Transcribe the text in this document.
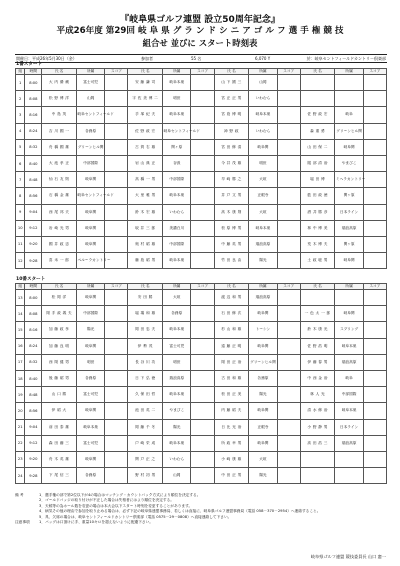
『岐阜県ゴルフ連盟 設立50周年記念』
平成26年度 第29回 岐 阜 県 グ ラ ン ド シ ニ ア ゴ ル フ 選 手 権 競 技
組合せ 並びに スタート時刻表
開催日：平成26年5月30日（金）	参加者	55 名	6,070 Y	於：岐阜セントフィールドカントリー倶楽部
1番スタート
組	時間	氏 名	所属	スコア	氏 名	所属	スコア	氏 名	所属	スコア	氏 名	所属	スコア
1	8:00	大 内 優 蔵	富士可児		安 藤 謙 司	岐阜本巣		山 下 國 三	山岡				
2	8:08	松 野 博 洋	山岡		宇 佐 美 博 二	明世		宮 正 正 男	いわむら				
3	8:16	中 島 茂	岐阜セントフィールド		手 塚 紀 夫	岐阜本巣		宮 島 博 明	岐阜本巣		佐 野 政 宏	岐阜	
4	8:24	吉 川 國 一	各務原		佐 野 政 宏	岐阜セントフィールド		神 野 政	いわむら		森 重 勇	グリーンヒル関	
5	8:32	舟 橋 國 雄	グリーンヒル関		古 賀 右 雄	関ヶ原		宮 田 修 清	岐阜関		山 田 保 二	岐阜関	
6	8:40	大 池 孝 正	中部国際		岩 山 典 正	谷汲		今 井 茂 雄	明世		服 部 清 治	やまびこ	
7	8:48	仙 石 友 則	岐阜関		高 橋 一 男	中部国際		早 崎 勝 之	大垣		堀 田 博	ミヘラカントリー	
8	8:56	石 橋 金 雄	岐阜セントフィールド		大 里 雅 男	岐阜本巣		井 戸 文 男	正眼寺		藍 田 政 徳	関ヶ原	
9	9:04	西 尾 邦 夫	岐阜関		鈴 木 宏 雄	いわむら		高 木 康 則	大垣		酒 井 勝 彦	日本ライン	
10	9:12	岩 崎 光 男	岐阜関		坂 井 三 郎	美濃白川		松 原 博 男	岐阜本巣		林 中 博 美	瑞浪高原	
11	9:20	國 井 政 忠	岐阜関		奥 村 昭 雄	中部国際		中 藤 英 男	瑞浪高原		荒 木 博 夫	関ヶ原	
12	9:28	喜 米 一 郎	ベルーラカントリー		藤 島 昭 男	岐阜本巣		竹 田 良 由	陽光		土 政 聡 男	岐阜関	
10番スタート
組	時間	氏 名	所属	スコア	氏 名	所属	スコア	氏 名	所属	スコア	氏 名	所属	スコア
13	8:00	松 岡 洋	岐阜関		安 田 勝	大垣		渡 辺 和 男	瑞浪高原				
14	8:08	岡 手 政 義 夫	中部国際		堀 場 和 雄	各務原		石 田 修 次	岐阜関		一 色 太 一 郎	岐阜関	
15	8:16	加 藤 政 孝	陽光		岡 田 忠 夫	岐阜本巣		杉 山 和 雄	トーシン		鈴 木 康 光	スプリング	
16	8:24	加 藤 良 明	岐阜関		伊 勢 茂	富士可児		遠 藤 正 明	岐阜関		佐 野 浩 明	岐阜本巣	
17	8:32	西 岡 健 男	明世		長 谷 川 功	明世		岡 田 正 治	グリーンヒル関		伊 藤 春 男	瑞浪高原	
18	8:40	後 藤 昭 男	各務原		日 下 弘 徳	瑞浪高原		古 田 和 雄	各務原		中 西 金 治	岐阜	
19	8:48	山 口 勝	富士可児		久 保 田 哲	岐阜本巣		松 田 正 美	陽光		林 人 光	中部国際	
20	8:56	伊 昭 大	岐阜関		池 田 英 二	やまびこ		内 藤 昭 夫	岐阜関		清 水 修 治	岐阜本巣	
21	9:04	前 田 泰 雄	岐阜本巣		岡 藤 千 冬	陽光		日 比 光 治	正眼寺		小 野 静 男	日本ライン	
22	9:12	森 田 藤 三	富士可児		戸 崎 栄 成	岐阜本巣		所 政 幸 男	岐阜関		高 田 浩 三	瑞浪高原	
23	9:20	舟 木 英 雄	岐阜関		関 戸 正 之	いわむら		小 崎 康 雄	大垣				
24	9:28	下 尾 信 三	各務原		野 村 初 男	山岡		中 田 正 男	陽光				
備 考	1．選手権の部で第2位以下が4の場合はマッチング・カウントバック方式により順位を決定する。
2．ゴールドバッジの取り付けが不正した場合は失格者にはより順位を決定する。
3．天候等の為ホール数を変更の場合は本大会以下スタート時刻を変更することがあります。
4．病気その他の理由で参加を取り止める場合は、必ず下記の岐阜県連盟事務局、若しくは直接に、岐阜県ゴルフ連盟事務局（電話 058－370－2954）へ連絡すること。
5．具、欠席の場合は、岐阜セントフィールドカントリー倶楽部（電話 0575－29－0808）へ直接連絡して下さい。
注意事項	1．バッグは口頂けに手、重量10キロを超えないように配慮下さい。
岐阜県ゴルフ連盟 競技委員長 山口 憲一
